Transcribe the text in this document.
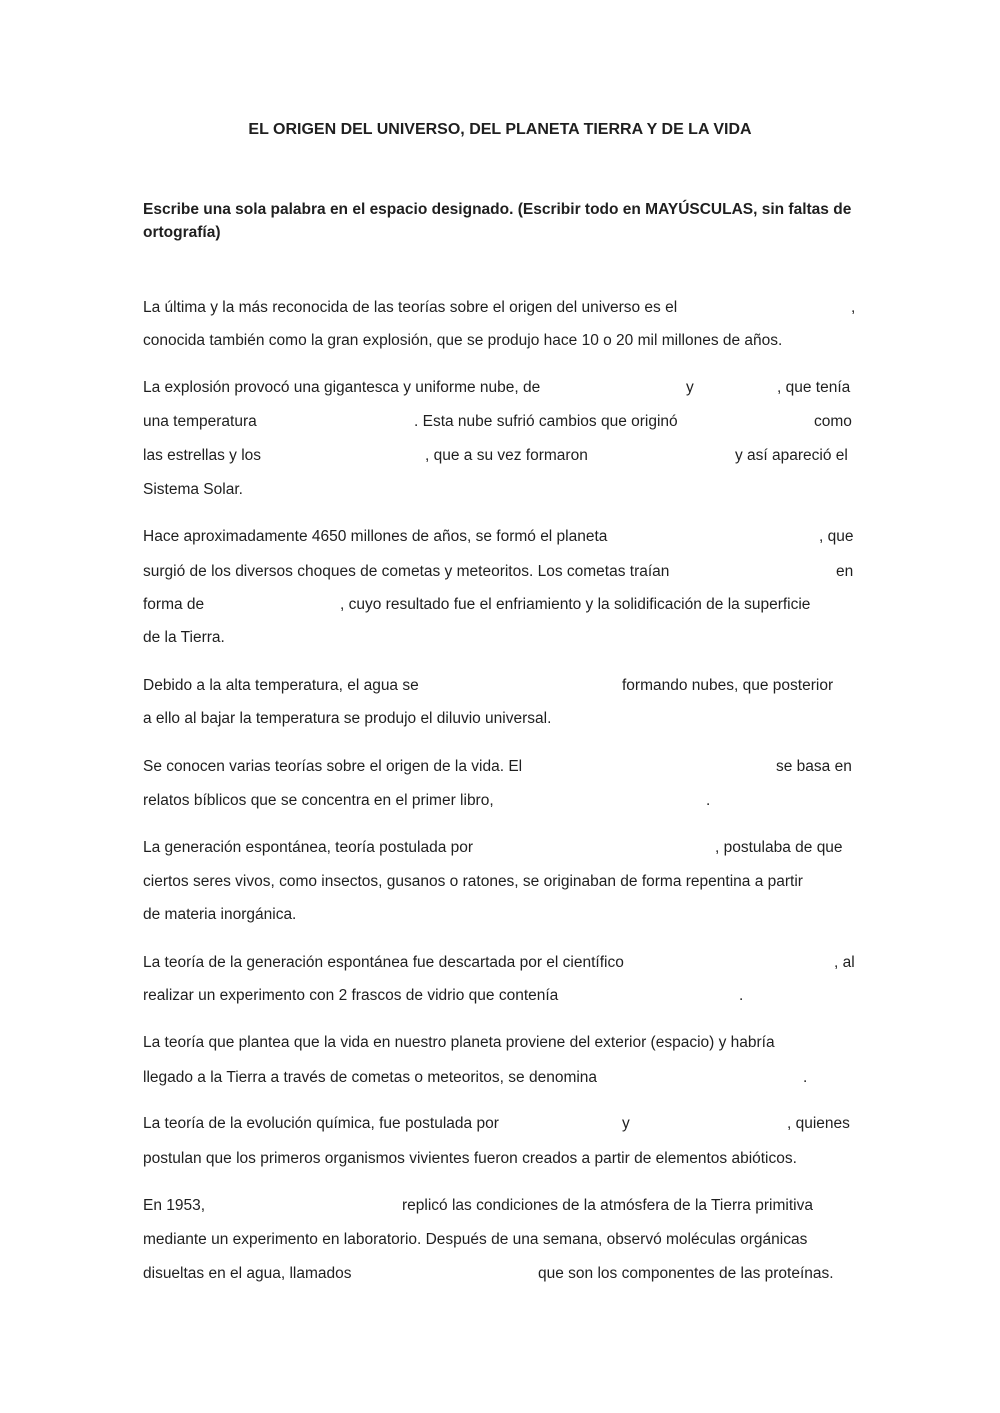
EL ORIGEN DEL UNIVERSO, DEL PLANETA TIERRA Y DE LA VIDA
Escribe una sola palabra en el espacio designado. (Escribir todo en MAYÚSCULAS, sin faltas de ortografía)
La última y la más reconocida de las teorías sobre el origen del universo es el	,
conocida también como la gran explosión, que se produjo hace 10 o 20 mil millones de años.
La explosión provocó una gigantesca y uniforme nube, de	y	, que tenía
una temperatura	. Esta nube sufrió cambios que originó	como
las estrellas y los	, que a su vez formaron	y así apareció el
Sistema Solar.
Hace aproximadamente 4650 millones de años, se formó el planeta	, que
surgió de los diversos choques de cometas y meteoritos. Los cometas traían	en
forma de	, cuyo resultado fue el enfriamiento y la solidificación de la superficie
de la Tierra.
Debido a la alta temperatura, el agua se	formando nubes, que posterior
a ello al bajar la temperatura se produjo el diluvio universal.
Se conocen varias teorías sobre el origen de la vida. El	se basa en
relatos bíblicos que se concentra en el primer libro,	.
La generación espontánea, teoría postulada por	, postulaba de que
ciertos seres vivos, como insectos, gusanos o ratones, se originaban de forma repentina a partir
de materia inorgánica.
La teoría de la generación espontánea fue descartada por el científico	, al
realizar un experimento con 2 frascos de vidrio que contenía	.
La teoría que plantea que la vida en nuestro planeta proviene del exterior (espacio) y habría
llegado a la Tierra a través de cometas o meteoritos, se denomina	.
La teoría de la evolución química, fue postulada por	y	, quienes
postulan que los primeros organismos vivientes fueron creados a partir de elementos abióticos.
En 1953,	replicó las condiciones de la atmósfera de la Tierra primitiva
mediante un experimento en laboratorio. Después de una semana, observó moléculas orgánicas
disueltas en el agua, llamados	que son los componentes de las proteínas.
